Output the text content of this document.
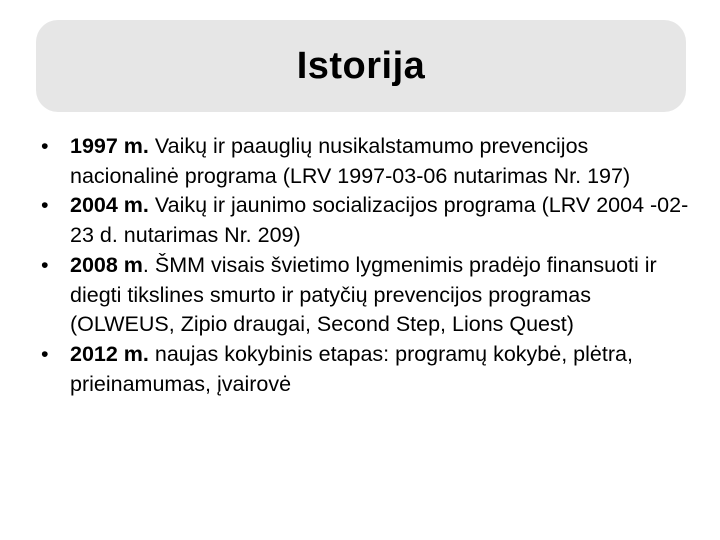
Istorija
• 1997 m. Vaikų ir paauglių nusikalstamumo prevencijos nacionalinė programa (LRV 1997-03-06 nutarimas Nr. 197)
• 2004 m. Vaikų ir jaunimo socializacijos programa (LRV 2004 -02- 23 d. nutarimas Nr. 209)
• 2008 m. ŠMM visais švietimo lygmenimis pradėjo finansuoti ir diegti tikslines smurto ir patyčių prevencijos programas (OLWEUS, Zipio draugai, Second Step, Lions Quest)
• 2012 m. naujas kokybinis etapas: programų kokybė, plėtra, prieinamumas, įvairovė
